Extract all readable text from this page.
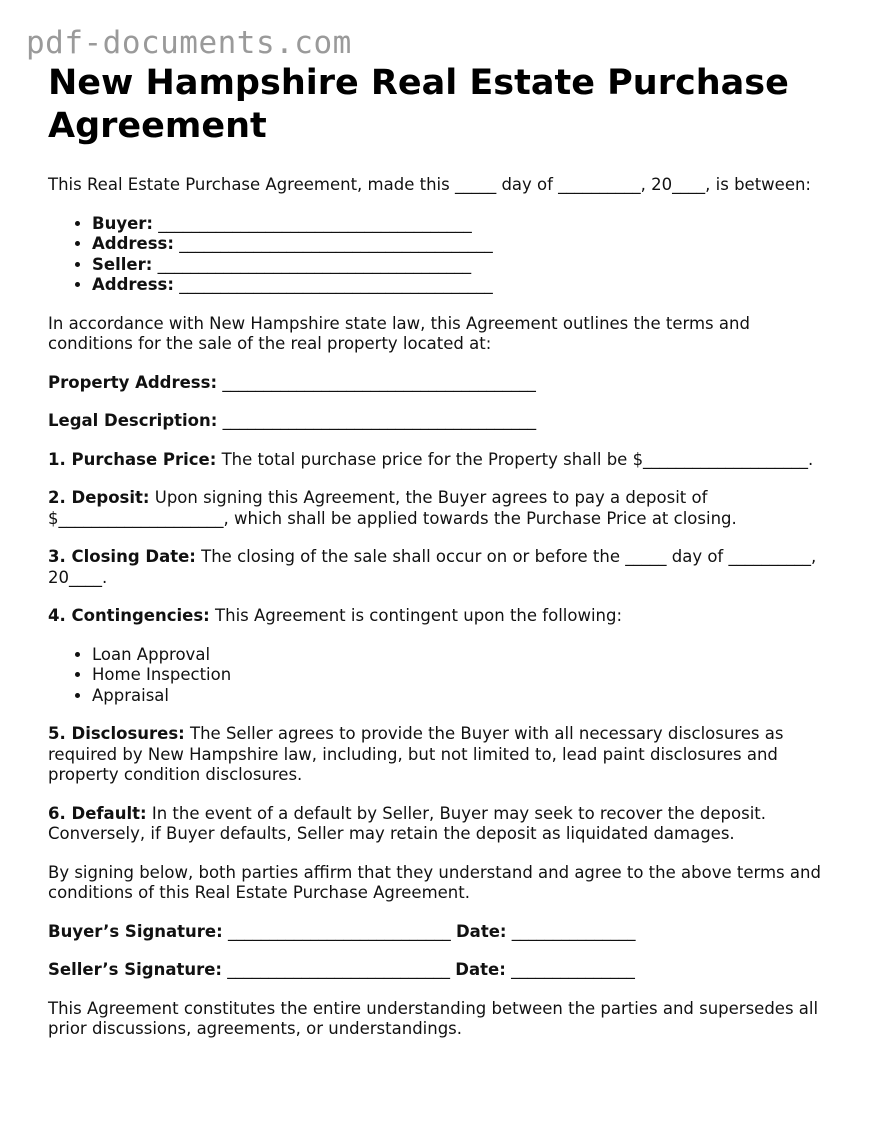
pdf-documents.com
New Hampshire Real Estate Purchase Agreement

This Real Estate Purchase Agreement, made this _____ day of __________, 20____, is between:

• Buyer: ______________________________________
• Address: ______________________________________
• Seller: ______________________________________
• Address: ______________________________________

In accordance with New Hampshire state law, this Agreement outlines the terms and conditions for the sale of the real property located at:

Property Address: ______________________________________

Legal Description: ______________________________________

1. Purchase Price: The total purchase price for the Property shall be $____________________.

2. Deposit: Upon signing this Agreement, the Buyer agrees to pay a deposit of $____________________, which shall be applied towards the Purchase Price at closing.

3. Closing Date: The closing of the sale shall occur on or before the _____ day of __________, 20____.

4. Contingencies: This Agreement is contingent upon the following:

• Loan Approval
• Home Inspection
• Appraisal

5. Disclosures: The Seller agrees to provide the Buyer with all necessary disclosures as required by New Hampshire law, including, but not limited to, lead paint disclosures and property condition disclosures.

6. Default: In the event of a default by Seller, Buyer may seek to recover the deposit. Conversely, if Buyer defaults, Seller may retain the deposit as liquidated damages.

By signing below, both parties affirm that they understand and agree to the above terms and conditions of this Real Estate Purchase Agreement.

Buyer’s Signature: ___________________________ Date: _______________

Seller’s Signature: ___________________________ Date: _______________

This Agreement constitutes the entire understanding between the parties and supersedes all prior discussions, agreements, or understandings.
